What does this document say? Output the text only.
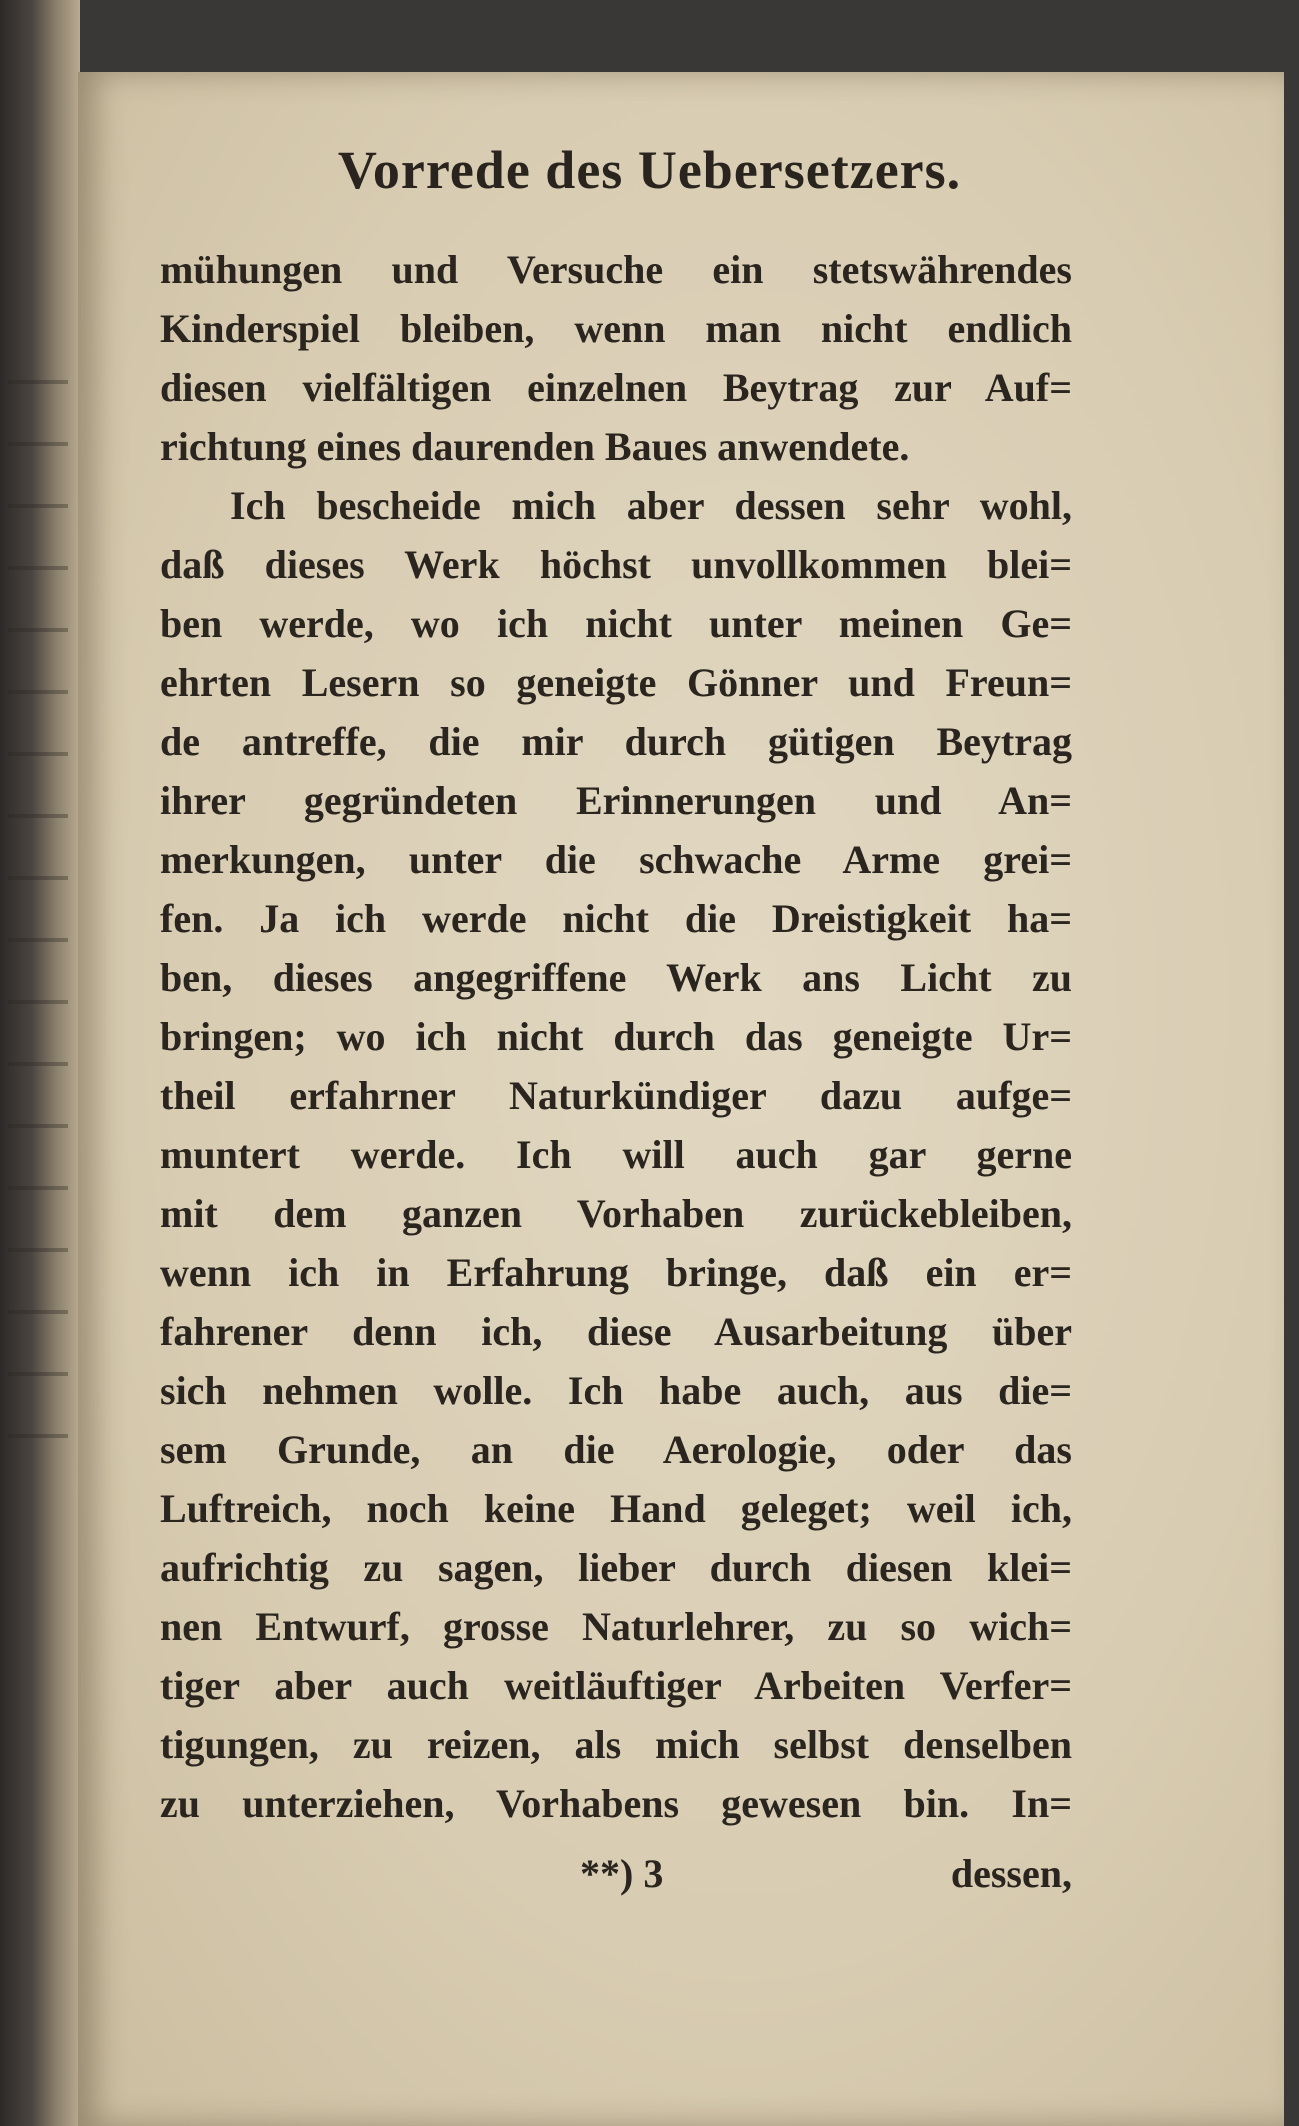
Vorrede des Uebersetzers.
mühungen und Versuche ein stetswährendes
Kinderspiel bleiben, wenn man nicht endlich
diesen vielfältigen einzelnen Beytrag zur Auf=
richtung eines daurenden Baues anwendete.
Ich bescheide mich aber dessen sehr wohl,
daß dieses Werk höchst unvollkommen blei=
ben werde, wo ich nicht unter meinen Ge=
ehrten Lesern so geneigte Gönner und Freun=
de antreffe, die mir durch gütigen Beytrag
ihrer gegründeten Erinnerungen und An=
merkungen, unter die schwache Arme grei=
fen. Ja ich werde nicht die Dreistigkeit ha=
ben, dieses angegriffene Werk ans Licht zu
bringen; wo ich nicht durch das geneigte Ur=
theil erfahrner Naturkündiger dazu aufge=
muntert werde. Ich will auch gar gerne
mit dem ganzen Vorhaben zurückebleiben,
wenn ich in Erfahrung bringe, daß ein er=
fahrener denn ich, diese Ausarbeitung über
sich nehmen wolle. Ich habe auch, aus die=
sem Grunde, an die Aerologie, oder das
Luftreich, noch keine Hand geleget; weil ich,
aufrichtig zu sagen, lieber durch diesen klei=
nen Entwurf, grosse Naturlehrer, zu so wich=
tiger aber auch weitläuftiger Arbeiten Verfer=
tigungen, zu reizen, als mich selbst denselben
zu unterziehen, Vorhabens gewesen bin. In=
**) 3	dessen,
